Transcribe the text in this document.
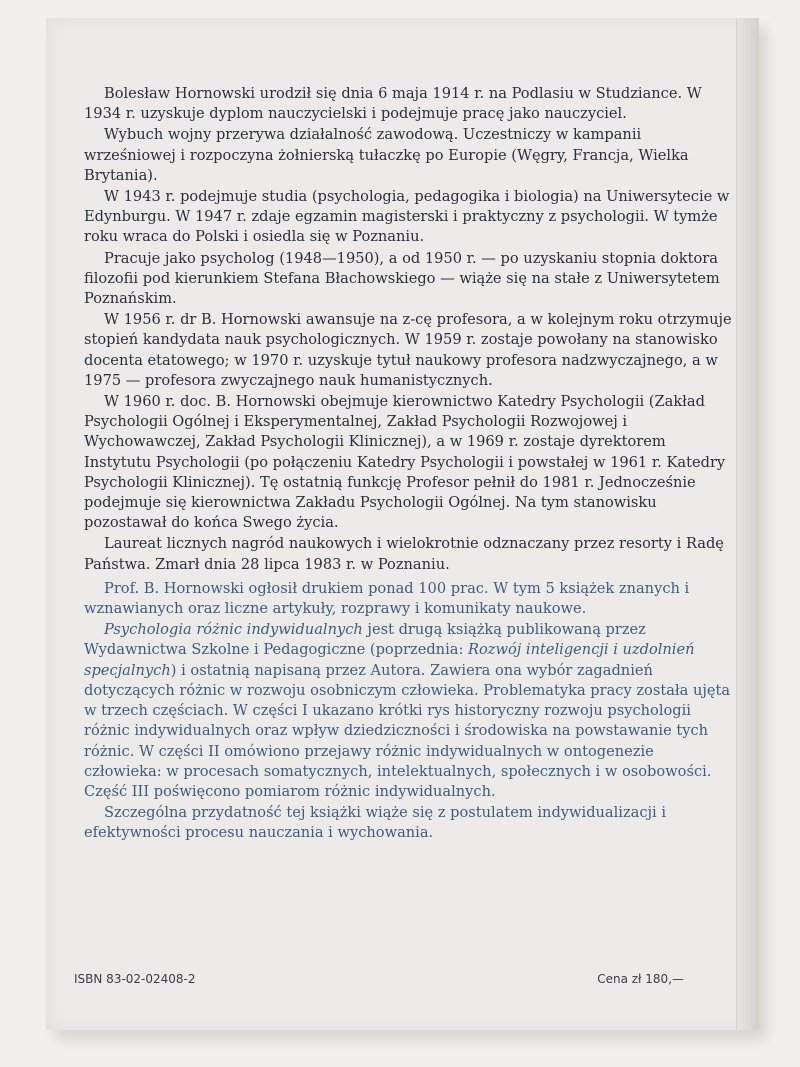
Bolesław Hornowski urodził się dnia 6 maja 1914 r. na Podlasiu w Studziance. W 1934 r. uzyskuje dyplom nauczycielski i podejmuje pracę jako nauczyciel.

Wybuch wojny przerywa działalność zawodową. Uczestniczy w kampanii wrześniowej i rozpoczyna żołnierską tułaczkę po Europie (Węgry, Francja, Wielka Brytania).

W 1943 r. podejmuje studia (psychologia, pedagogika i biologia) na Uniwersytecie w Edynburgu. W 1947 r. zdaje egzamin magisterski i praktyczny z psychologii. W tymże roku wraca do Polski i osiedla się w Poznaniu.

Pracuje jako psycholog (1948—1950), a od 1950 r. — po uzyskaniu stopnia doktora filozofii pod kierunkiem Stefana Błachowskiego — wiąże się na stałe z Uniwersytetem Poznańskim.

W 1956 r. dr B. Hornowski awansuje na z-cę profesora, a w kolejnym roku otrzymuje stopień kandydata nauk psychologicznych. W 1959 r. zostaje powołany na stanowisko docenta etatowego; w 1970 r. uzyskuje tytuł naukowy profesora nadzwyczajnego, a w 1975 — profesora zwyczajnego nauk humanistycznych.

W 1960 r. doc. B. Hornowski obejmuje kierownictwo Katedry Psychologii (Zakład Psychologii Ogólnej i Eksperymentalnej, Zakład Psychologii Rozwojowej i Wychowawczej, Zakład Psychologii Klinicznej), a w 1969 r. zostaje dyrektorem Instytutu Psychologii (po połączeniu Katedry Psychologii i powstałej w 1961 r. Katedry Psychologii Klinicznej). Tę ostatnią funkcję Profesor pełnił do 1981 r. Jednocześnie podejmuje się kierownictwa Zakładu Psychologii Ogólnej. Na tym stanowisku pozostawał do końca Swego życia.

Laureat licznych nagród naukowych i wielokrotnie odznaczany przez resorty i Radę Państwa. Zmarł dnia 28 lipca 1983 r. w Poznaniu.

Prof. B. Hornowski ogłosił drukiem ponad 100 prac. W tym 5 książek znanych i wznawianych oraz liczne artykuły, rozprawy i komunikaty naukowe.

Psychologia różnic indywidualnych jest drugą książką publikowaną przez Wydawnictwa Szkolne i Pedagogiczne (poprzednia: Rozwój inteligencji i uzdolnień specjalnych) i ostatnią napisaną przez Autora. Zawiera ona wybór zagadnień dotyczących różnic w rozwoju osobniczym człowieka. Problematyka pracy została ujęta w trzech częściach. W części I ukazano krótki rys historyczny rozwoju psychologii różnic indywidualnych oraz wpływ dziedziczności i środowiska na powstawanie tych różnic. W części II omówiono przejawy różnic indywidualnych w ontogenezie człowieka: w procesach somatycznych, intelektualnych, społecznych i w osobowości. Część III poświęcono pomiarom różnic indywidualnych.

Szczególna przydatność tej książki wiąże się z postulatem indywidualizacji i efektywności procesu nauczania i wychowania.

ISBN 83-02-02408-2	Cena zł 180,—
